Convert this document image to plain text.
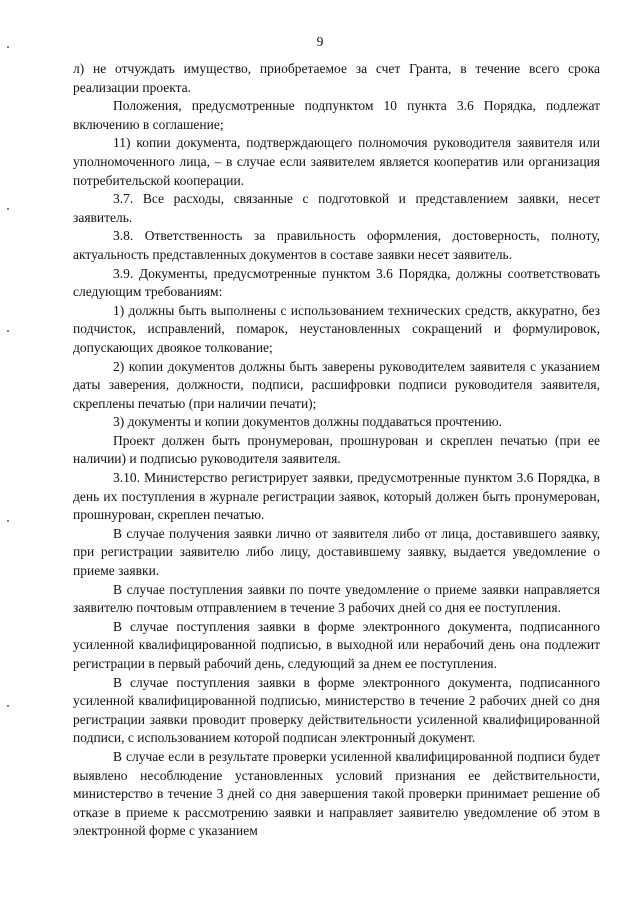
9

л) не отчуждать имущество, приобретаемое за счет Гранта, в течение всего срока реализации проекта.

Положения, предусмотренные подпунктом 10 пункта 3.6 Порядка, подлежат включению в соглашение;

11) копии документа, подтверждающего полномочия руководителя заявителя или уполномоченного лица, – в случае если заявителем является кооператив или организация потребительской кооперации.

3.7. Все расходы, связанные с подготовкой и представлением заявки, несет заявитель.

3.8. Ответственность за правильность оформления, достоверность, полноту, актуальность представленных документов в составе заявки несет заявитель.

3.9. Документы, предусмотренные пунктом 3.6 Порядка, должны соответствовать следующим требованиям:

1) должны быть выполнены с использованием технических средств, аккуратно, без подчисток, исправлений, помарок, неустановленных сокращений и формулировок, допускающих двоякое толкование;

2) копии документов должны быть заверены руководителем заявителя с указанием даты заверения, должности, подписи, расшифровки подписи руководителя заявителя, скреплены печатью (при наличии печати);

3) документы и копии документов должны поддаваться прочтению.

Проект должен быть пронумерован, прошнурован и скреплен печатью (при ее наличии) и подписью руководителя заявителя.

3.10. Министерство регистрирует заявки, предусмотренные пунктом 3.6 Порядка, в день их поступления в журнале регистрации заявок, который должен быть пронумерован, прошнурован, скреплен печатью.

В случае получения заявки лично от заявителя либо от лица, доставившего заявку, при регистрации заявителю либо лицу, доставившему заявку, выдается уведомление о приеме заявки.

В случае поступления заявки по почте уведомление о приеме заявки направляется заявителю почтовым отправлением в течение 3 рабочих дней со дня ее поступления.

В случае поступления заявки в форме электронного документа, подписанного усиленной квалифицированной подписью, в выходной или нерабочий день она подлежит регистрации в первый рабочий день, следующий за днем ее поступления.

В случае поступления заявки в форме электронного документа, подписанного усиленной квалифицированной подписью, министерство в течение 2 рабочих дней со дня регистрации заявки проводит проверку действительности усиленной квалифицированной подписи, с использованием которой подписан электронный документ.

В случае если в результате проверки усиленной квалифицированной подписи будет выявлено несоблюдение установленных условий признания ее действительности, министерство в течение 3 дней со дня завершения такой проверки принимает решение об отказе в приеме к рассмотрению заявки и направляет заявителю уведомление об этом в электронной форме с указанием
